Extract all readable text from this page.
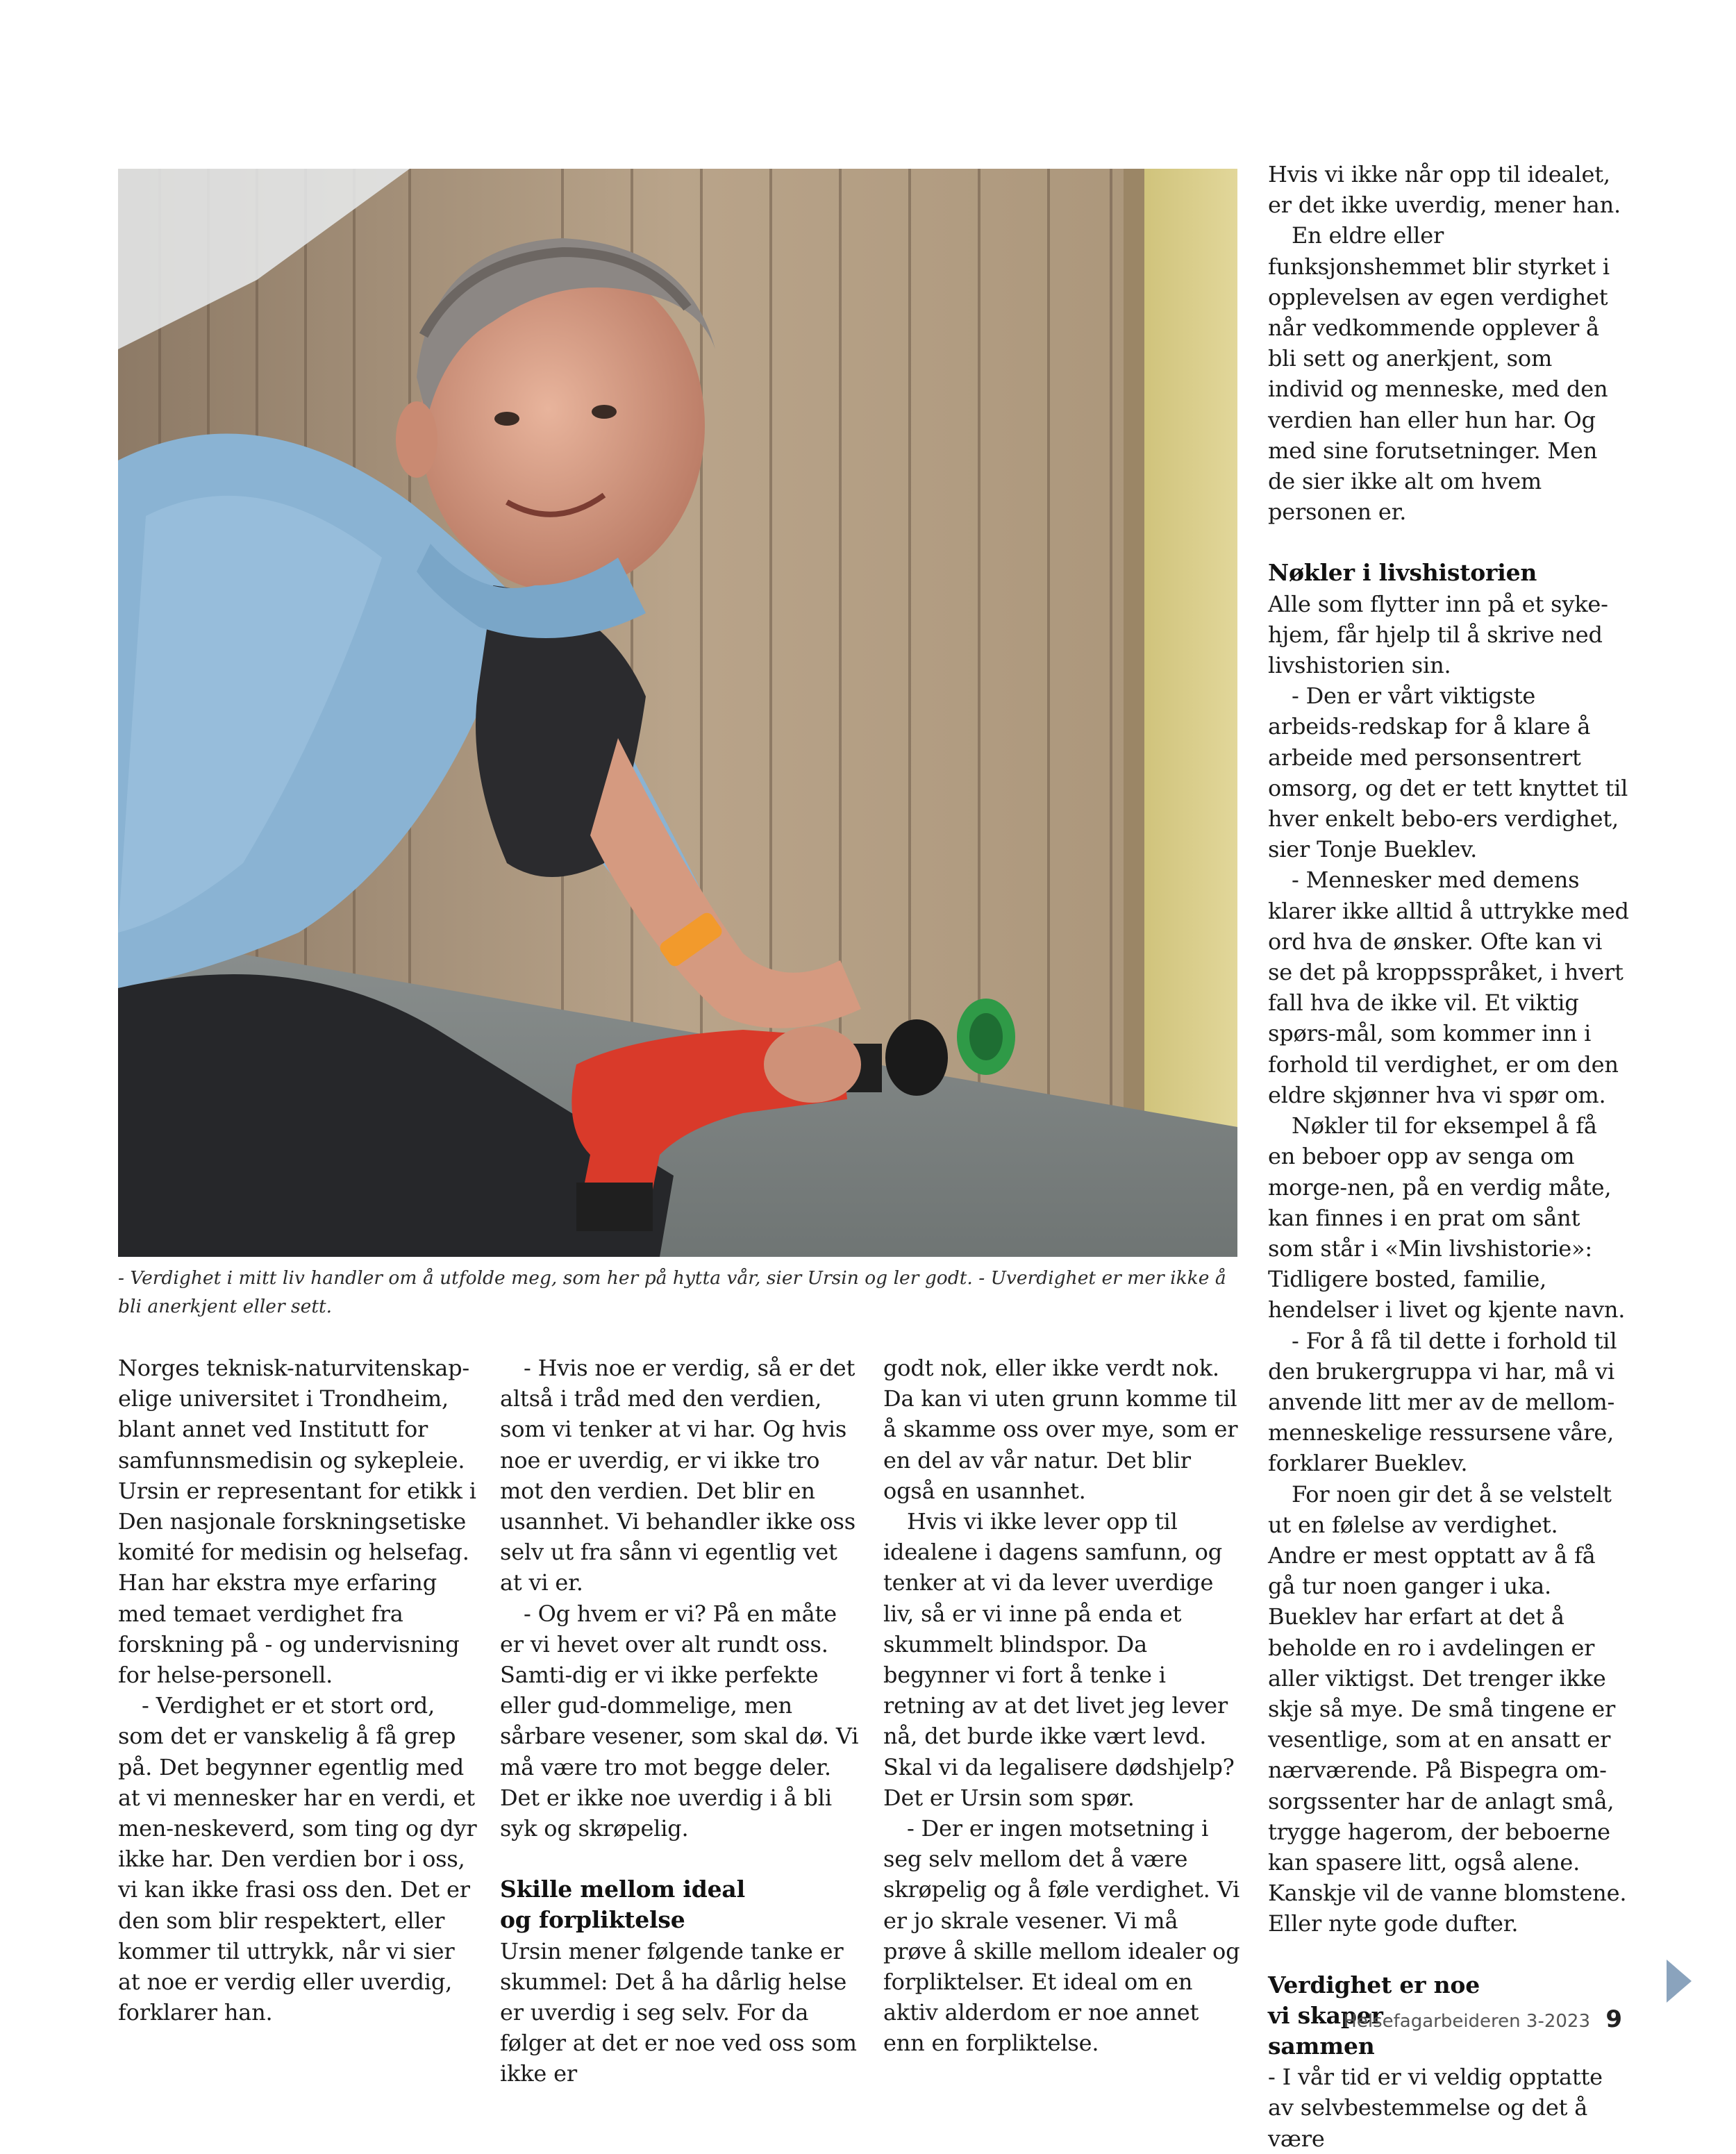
- Verdighet i mitt liv handler om å utfolde meg, som her på hytta vår, sier Ursin og ler godt. - Uverdighet er mer ikke å bli anerkjent eller sett.

Norges teknisk-naturvitenskap-elige universitet i Trondheim, blant annet ved Institutt for samfunnsmedisin og sykepleie. Ursin er representant for etikk i Den nasjonale forskningsetiske komité for medisin og helsefag. Han har ekstra mye erfaring med temaet verdighet fra forskning på - og undervisning for helse-personell.

- Verdighet er et stort ord, som det er vanskelig å få grep på. Det begynner egentlig med at vi mennesker har en verdi, et men-neskeverd, som ting og dyr ikke har. Den verdien bor i oss, vi kan ikke frasi oss den. Det er den som blir respektert, eller kommer til uttrykk, når vi sier at noe er verdig eller uverdig, forklarer han.

- Hvis noe er verdig, så er det altså i tråd med den verdien, som vi tenker at vi har. Og hvis noe er uverdig, er vi ikke tro mot den verdien. Det blir en usannhet. Vi behandler ikke oss selv ut fra sånn vi egentlig vet at vi er.

- Og hvem er vi? På en måte er vi hevet over alt rundt oss. Samti-dig er vi ikke perfekte eller gud-dommelige, men sårbare vesener, som skal dø. Vi må være tro mot begge deler. Det er ikke noe uverdig i å bli syk og skrøpelig.

Skille mellom ideal og forpliktelse

Ursin mener følgende tanke er skummel: Det å ha dårlig helse er uverdig i seg selv. For da følger at det er noe ved oss som ikke er

godt nok, eller ikke verdt nok. Da kan vi uten grunn komme til å skamme oss over mye, som er en del av vår natur. Det blir også en usannhet.

Hvis vi ikke lever opp til idealene i dagens samfunn, og tenker at vi da lever uverdige liv, så er vi inne på enda et skummelt blindspor. Da begynner vi fort å tenke i retning av at det livet jeg lever nå, det burde ikke vært levd. Skal vi da legalisere dødshjelp? Det er Ursin som spør.

- Der er ingen motsetning i seg selv mellom det å være skrøpelig og å føle verdighet. Vi er jo skrale vesener. Vi må prøve å skille mellom idealer og forpliktelser. Et ideal om en aktiv alderdom er noe annet enn en forpliktelse.

Hvis vi ikke når opp til idealet, er det ikke uverdig, mener han.

En eldre eller funksjonshemmet blir styrket i opplevelsen av egen verdighet når vedkommende opplever å bli sett og anerkjent, som individ og menneske, med den verdien han eller hun har. Og med sine forutsetninger. Men de sier ikke alt om hvem personen er.

Nøkler i livshistorien

Alle som flytter inn på et syke-hjem, får hjelp til å skrive ned livshistorien sin.

- Den er vårt viktigste arbeids-redskap for å klare å arbeide med personsentrert omsorg, og det er tett knyttet til hver enkelt bebo-ers verdighet, sier Tonje Bueklev.

- Mennesker med demens klarer ikke alltid å uttrykke med ord hva de ønsker. Ofte kan vi se det på kroppsspråket, i hvert fall hva de ikke vil. Et viktig spørs-mål, som kommer inn i forhold til verdighet, er om den eldre skjønner hva vi spør om.

Nøkler til for eksempel å få en beboer opp av senga om morge-nen, på en verdig måte, kan finnes i en prat om sånt som står i «Min livshistorie»: Tidligere bosted, familie, hendelser i livet og kjente navn.

- For å få til dette i forhold til den brukergruppa vi har, må vi anvende litt mer av de mellom-menneskelige ressursene våre, forklarer Bueklev.

For noen gir det å se velstelt ut en følelse av verdighet. Andre er mest opptatt av å få gå tur noen ganger i uka. Bueklev har erfart at det å beholde en ro i avdelingen er aller viktigst. Det trenger ikke skje så mye. De små tingene er vesentlige, som at en ansatt er nærværende. På Bispegra om-sorgssenter har de anlagt små, trygge hagerom, der beboerne kan spasere litt, også alene. Kanskje vil de vanne blomstene. Eller nyte gode dufter.

Verdighet er noe vi skaper sammen

- I vår tid er vi veldig opptatte av selvbestemmelse og det å være

Helsefagarbeideren 3-2023 9
